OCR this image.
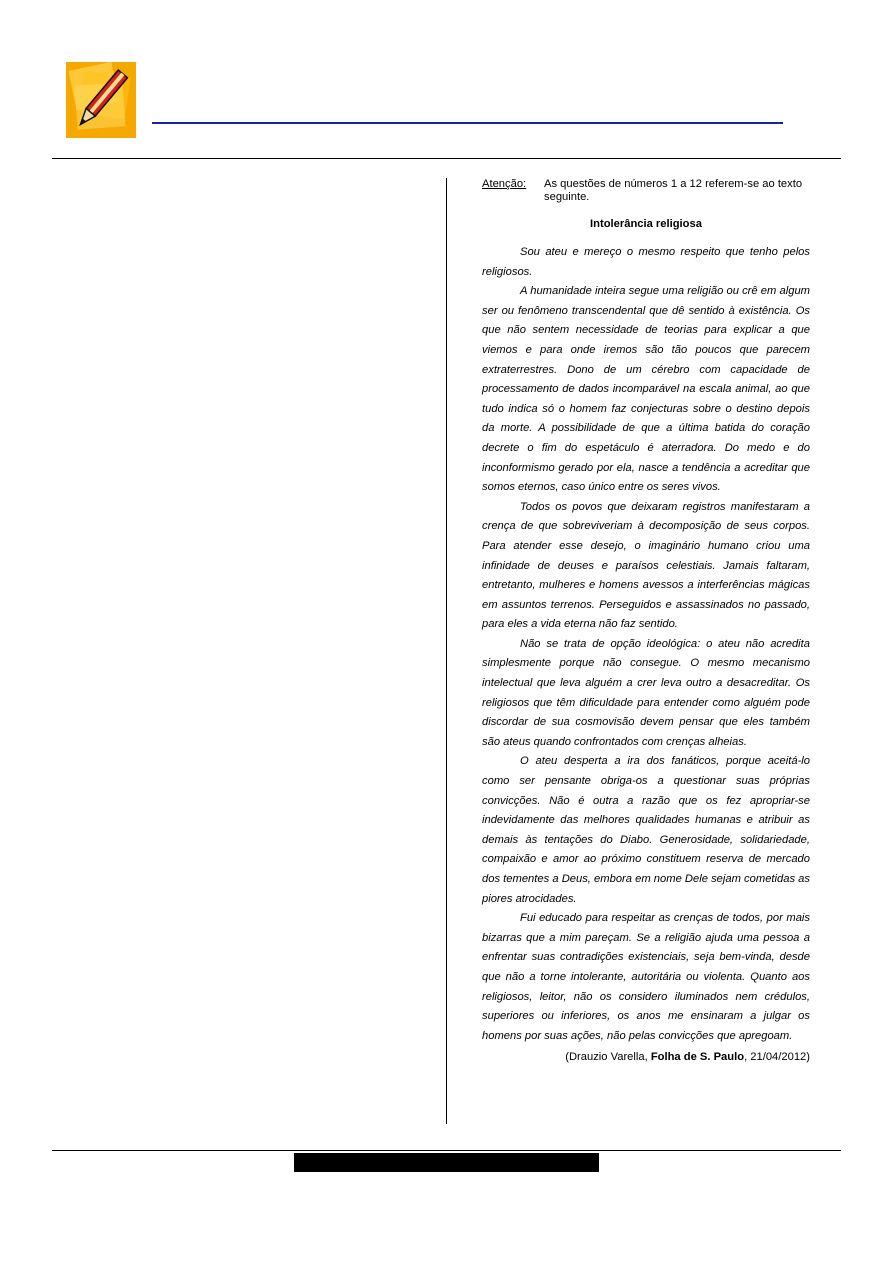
Atenção:	As questões de números 1 a 12 referem-se ao texto seguinte.
Intolerância religiosa

Sou ateu e mereço o mesmo respeito que tenho pelos religiosos.

A humanidade inteira segue uma religião ou crê em algum ser ou fenômeno transcendental que dê sentido à existência. Os que não sentem necessidade de teorias para explicar a que viemos e para onde iremos são tão poucos que parecem extraterrestres. Dono de um cérebro com capacidade de processamento de dados incomparável na escala animal, ao que tudo indica só o homem faz conjecturas sobre o destino depois da morte. A possibilidade de que a última batida do coração decrete o fim do espetáculo é aterradora. Do medo e do inconformismo gerado por ela, nasce a tendência a acreditar que somos eternos, caso único entre os seres vivos.

Todos os povos que deixaram registros manifestaram a crença de que sobreviveriam à decomposição de seus corpos. Para atender esse desejo, o imaginário humano criou uma infinidade de deuses e paraísos celestiais. Jamais faltaram, entretanto, mulheres e homens avessos a interferências mágicas em assuntos terrenos. Perseguidos e assassinados no passado, para eles a vida eterna não faz sentido.

Não se trata de opção ideológica: o ateu não acredita simplesmente porque não consegue. O mesmo mecanismo intelectual que leva alguém a crer leva outro a desacreditar. Os religiosos que têm dificuldade para entender como alguém pode discordar de sua cosmovisão devem pensar que eles também são ateus quando confrontados com crenças alheias.

O ateu desperta a ira dos fanáticos, porque aceitá-lo como ser pensante obriga-os a questionar suas próprias convicções. Não é outra a razão que os fez apropriar-se indevidamente das melhores qualidades humanas e atribuir as demais às tentações do Diabo. Generosidade, solidariedade, compaixão e amor ao próximo constituem reserva de mercado dos tementes a Deus, embora em nome Dele sejam cometidas as piores atrocidades.

Fui educado para respeitar as crenças de todos, por mais bizarras que a mim pareçam. Se a religião ajuda uma pessoa a enfrentar suas contradições existenciais, seja bem-vinda, desde que não a torne intolerante, autoritária ou violenta. Quanto aos religiosos, leitor, não os considero iluminados nem crédulos, superiores ou inferiores, os anos me ensinaram a julgar os homens por suas ações, não pelas convicções que apregoam.

(Drauzio Varella, Folha de S. Paulo, 21/04/2012)
